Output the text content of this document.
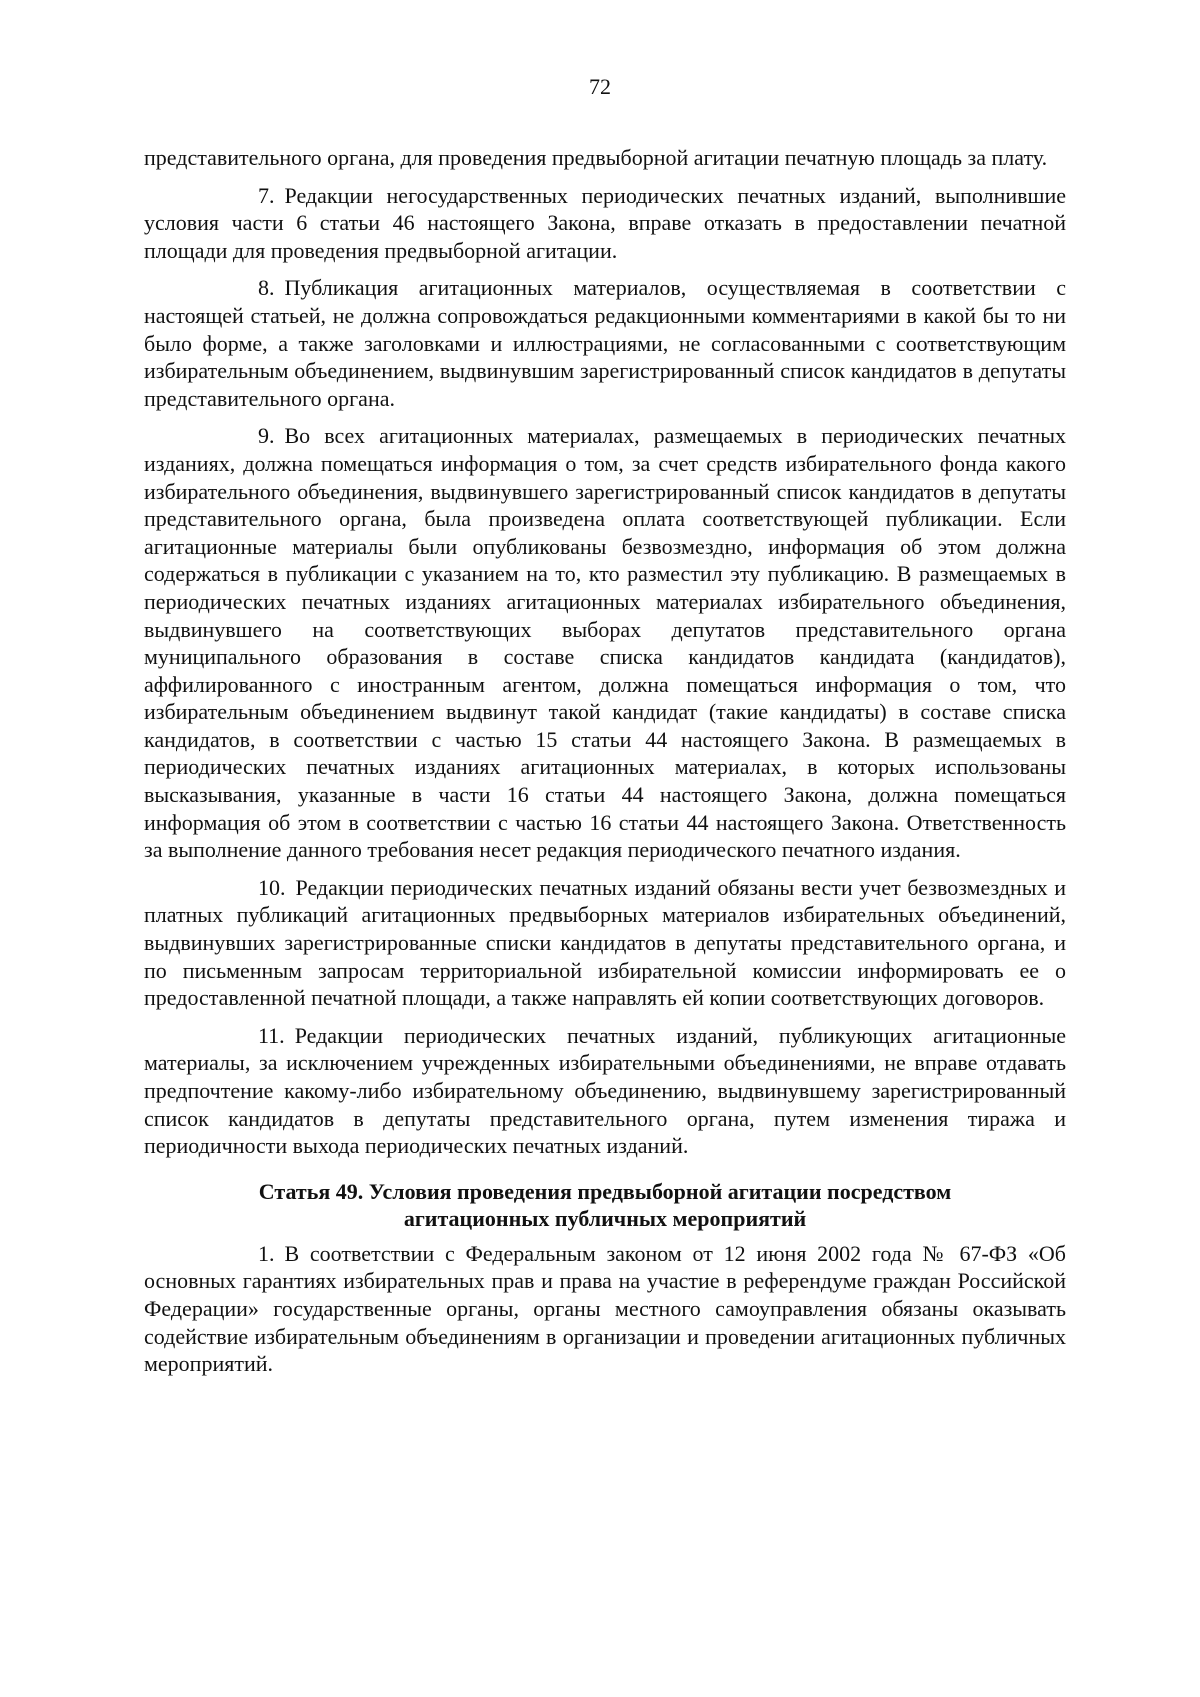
72

представительного органа, для проведения предвыборной агитации печатную площадь за плату.

7. Редакции негосударственных периодических печатных изданий, выполнившие условия части 6 статьи 46 настоящего Закона, вправе отказать в предоставлении печатной площади для проведения предвыборной агитации.

8. Публикация агитационных материалов, осуществляемая в соответствии с настоящей статьей, не должна сопровождаться редакционными комментариями в какой бы то ни было форме, а также заголовками и иллюстрациями, не согласованными с соответствующим избирательным объединением, выдвинувшим зарегистрированный список кандидатов в депутаты представительного органа.

9. Во всех агитационных материалах, размещаемых в периодических печатных изданиях, должна помещаться информация о том, за счет средств избирательного фонда какого избирательного объединения, выдвинувшего зарегистрированный список кандидатов в депутаты представительного органа, была произведена оплата соответствующей публикации. Если агитационные материалы были опубликованы безвозмездно, информация об этом должна содержаться в публикации с указанием на то, кто разместил эту публикацию. В размещаемых в периодических печатных изданиях агитационных материалах избирательного объединения, выдвинувшего на соответствующих выборах депутатов представительного органа муниципального образования в составе списка кандидатов кандидата (кандидатов), аффилированного с иностранным агентом, должна помещаться информация о том, что избирательным объединением выдвинут такой кандидат (такие кандидаты) в составе списка кандидатов, в соответствии с частью 15 статьи 44 настоящего Закона. В размещаемых в периодических печатных изданиях агитационных материалах, в которых использованы высказывания, указанные в части 16 статьи 44 настоящего Закона, должна помещаться информация об этом в соответствии с частью 16 статьи 44 настоящего Закона. Ответственность за выполнение данного требования несет редакция периодического печатного издания.

10. Редакции периодических печатных изданий обязаны вести учет безвозмездных и платных публикаций агитационных предвыборных материалов избирательных объединений, выдвинувших зарегистрированные списки кандидатов в депутаты представительного органа, и по письменным запросам территориальной избирательной комиссии информировать ее о предоставленной печатной площади, а также направлять ей копии соответствующих договоров.

11. Редакции периодических печатных изданий, публикующих агитационные материалы, за исключением учрежденных избирательными объединениями, не вправе отдавать предпочтение какому-либо избирательному объединению, выдвинувшему зарегистрированный список кандидатов в депутаты представительного органа, путем изменения тиража и периодичности выхода периодических печатных изданий.

Статья 49. Условия проведения предвыборной агитации посредством
агитационных публичных мероприятий

1. В соответствии с Федеральным законом от 12 июня 2002 года № 67-ФЗ «Об основных гарантиях избирательных прав и права на участие в референдуме граждан Российской Федерации» государственные органы, органы местного самоуправления обязаны оказывать содействие избирательным объединениям в организации и проведении агитационных публичных мероприятий.
